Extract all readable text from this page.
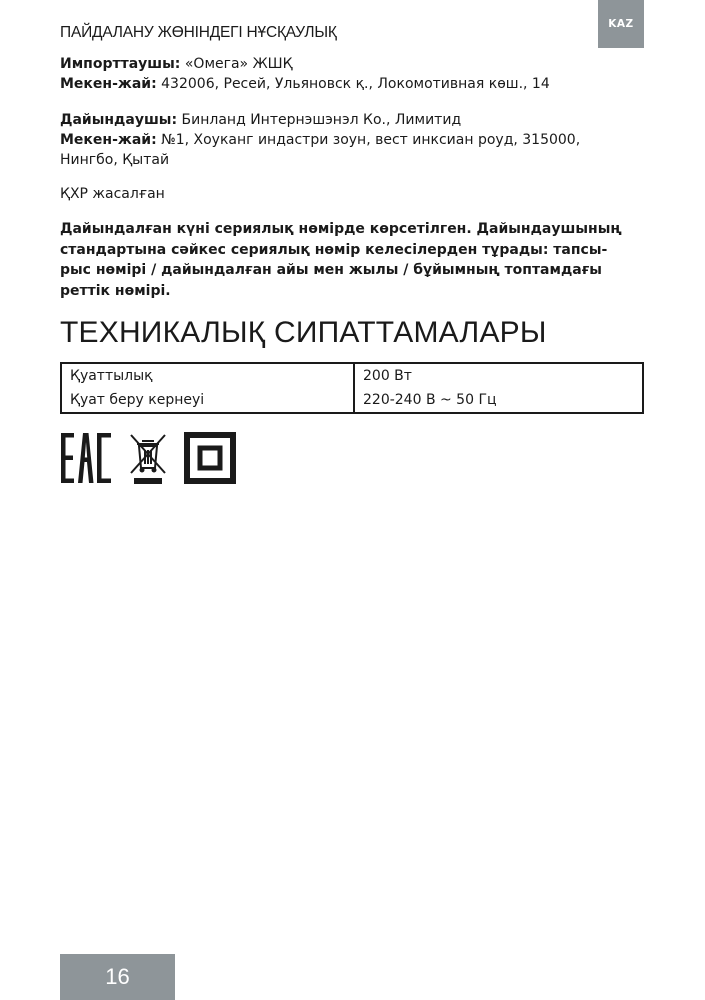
ПАЙДАЛАНУ ЖӨНІНДЕГІ НҰСҚАУЛЫҚ	KAZ
Импорттаушы: «Омега» ЖШҚ
Мекен-жай: 432006, Ресей, Ульяновск қ., Локомотивная көш., 14
Дайындаушы: Бинланд Интернэшэнэл Ко., Лимитид
Мекен-жай: №1, Хоуканг индастри зоун, вест инксиан роуд, 315000,
Нингбо, Қытай
ҚХР жасалған
Дайындалған күні сериялық нөмірде көрсетілген. Дайындаушының
стандартына сәйкес сериялық нөмір келесілерден тұрады: тапсы-
рыс нөмірі / дайындалған айы мен жылы / бұйымның топтамдағы
реттік нөмірі.
ТЕХНИКАЛЫҚ СИПАТТАМАЛАРЫ
Қуаттылық	200 Вт
Қуат беру кернеуі	220-240 В ~ 50 Гц
16
